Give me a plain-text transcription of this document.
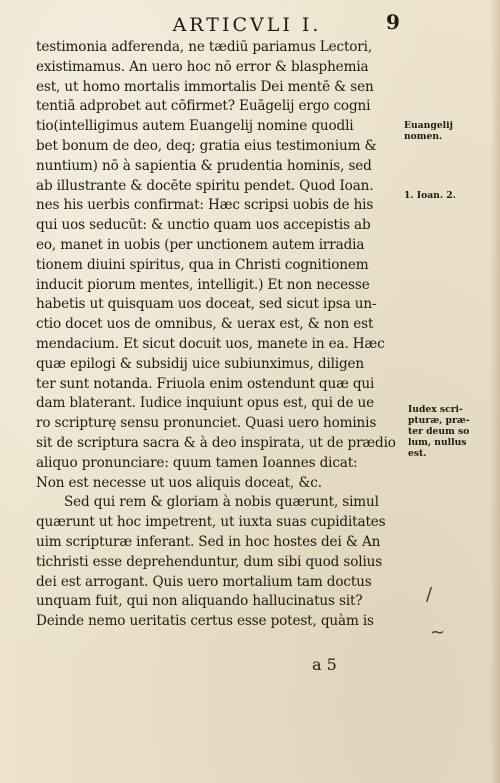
ARTICVLI I.	9
testimonia adferenda, ne tædiū pariamus Lectori,
existimamus. An uero hoc nō error & blasphemia
est, ut homo mortalis immortalis Dei mentē & sen
tentiā adprobet aut cōfirmet? Euāgelij ergo cogni
tio(intelligimus autem Euangelij nomine quodli
bet bonum de deo, deq; gratia eius testimonium &
nuntium) nō à sapientia & prudentia hominis, sed
ab illustrante & docēte spiritu pendet. Quod Ioan.
nes his uerbis confirmat: Hæc scripsi uobis de his
qui uos seducūt: & unctio quam uos accepistis ab
eo, manet in uobis (per unctionem autem irradia
tionem diuini spiritus, qua in Christi cognitionem
inducit piorum mentes, intelligit.) Et non necesse
habetis ut quisquam uos doceat, sed sicut ipsa un-
ctio docet uos de omnibus, & uerax est, & non est
mendacium. Et sicut docuit uos, manete in ea. Hæc
quæ epilogi & subsidij uice subiunximus, diligen
ter sunt notanda. Friuola enim ostendunt quæ qui
dam blaterant. Iudice inquiunt opus est, qui de ue
ro scripturę sensu pronunciet. Quasi uero hominis
sit de scriptura sacra & à deo inspirata, ut de prædio
aliquo pronunciare: quum tamen Ioannes dicat:
Non est necesse ut uos aliquis doceat, &c.
Sed qui rem & gloriam à nobis quærunt, simul
quærunt ut hoc impetrent, ut iuxta suas cupiditates
uim scripturæ inferant. Sed in hoc hostes dei & An
tichristi esse deprehenduntur, dum sibi quod solius
dei est arrogant. Quis uero mortalium tam doctus
unquam fuit, qui non aliquando hallucinatus sit?
Deinde nemo ueritatis certus esse potest, quàm is
Euangelij
nomen.
1. Ioan. 2.
Iudex scri-
pturæ, præ-
ter deum so
lum, nullus
est.
a 5
/
~
